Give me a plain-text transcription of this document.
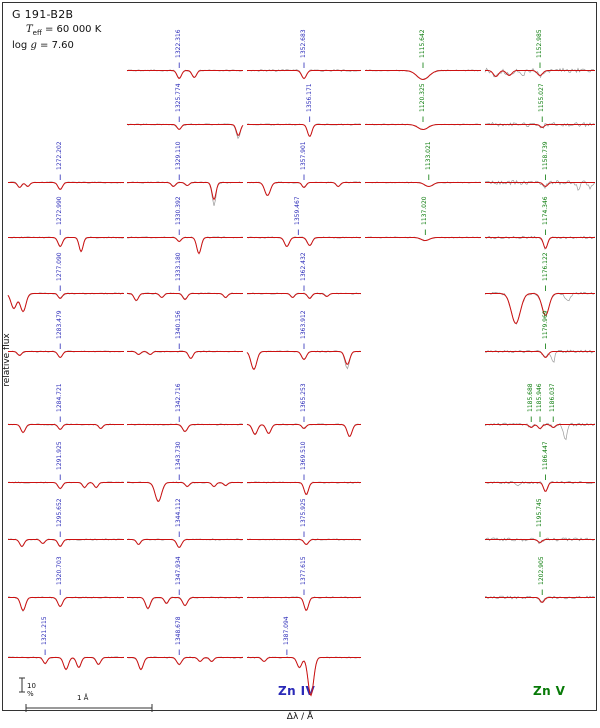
G 191-B2B
$T_{eff} = 60$ 000 K
log g = 7.60
relative flux
Δλ / Å
10 %	1 Å	Zn IV	Zn V
1272.202
1272.990
1277.090
1283.479
1284.721
1291.925
1295.652
1320.703
1321.215
1322.316
1325.774
1329.110
1330.392
1333.180
1340.156
1342.716
1343.730
1344.112
1347.934
1348.678
1352.683
1356.171
1357.901
1359.467
1362.432
1363.912
1365.253
1369.510
1375.925
1377.615
1387.094
1115.642
1120.325
1133.021
1137.020
1152.985
1155.027
1158.739
1174.346
1176.122
1179.969
1185.688 1185.946 1186.037
1186.447
1195.745
1202.905
